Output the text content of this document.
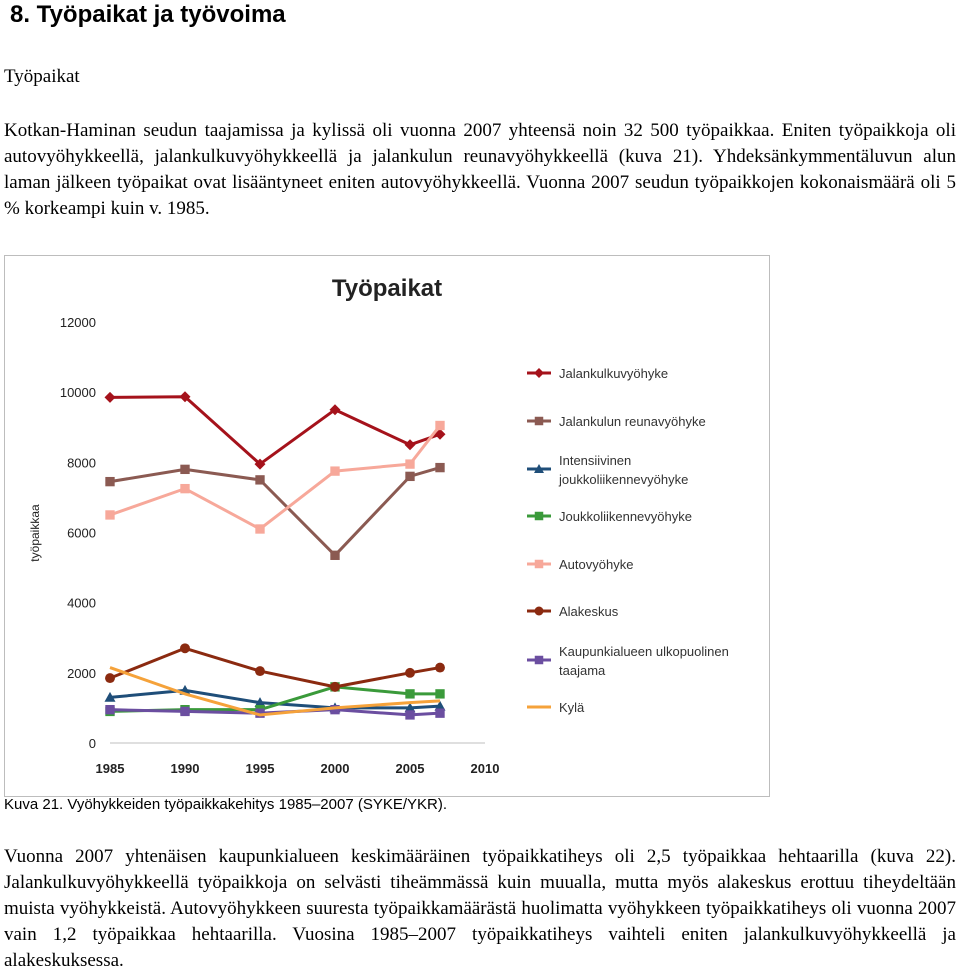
8. Työpaikat ja työvoima

Työpaikat

Kotkan-Haminan seudun taajamissa ja kylissä oli vuonna 2007 yhteensä noin 32 500 työpaikkaa. Eniten työpaikkoja oli autovyöhykkeellä, jalankulkuvyöhykkeellä ja jalankulun reunavyöhykkeellä (kuva 21). Yhdeksänkymmentäluvun alun laman jälkeen työpaikat ovat lisääntyneet eniten autovyöhykkeellä. Vuonna 2007 seudun työpaikkojen kokonaismäärä oli 5 % korkeampi kuin v. 1985.

Työpaikat
työpaikkaa
0
2000
4000
6000
8000
10000
12000
1985	1990	1995	2000	2005	2010
Jalankulkuvyöhyke
Jalankulun reunavyöhyke
Intensiivinen joukkoliikennevyöhyke
Joukkoliikennevyöhyke
Autovyöhyke
Alakeskus
Kaupunkialueen ulkopuolinen taajama
Kylä

Kuva 21. Vyöhykkeiden työpaikkakehitys 1985–2007 (SYKE/YKR).

Vuonna 2007 yhtenäisen kaupunkialueen keskimääräinen työpaikkatiheys oli 2,5 työpaikkaa hehtaarilla (kuva 22). Jalankulkuvyöhykkeellä työpaikkoja on selvästi tiheämmässä kuin muualla, mutta myös alakeskus erottuu tiheydeltään muista vyöhykkeistä. Autovyöhykkeen suuresta työpaikkamäärästä huolimatta vyöhykkeen työpaikkatiheys oli vuonna 2007 vain 1,2 työpaikkaa hehtaarilla. Vuosina 1985–2007 työpaikkatiheys vaihteli eniten jalankulkuvyöhykkeellä ja alakeskuksessa.
